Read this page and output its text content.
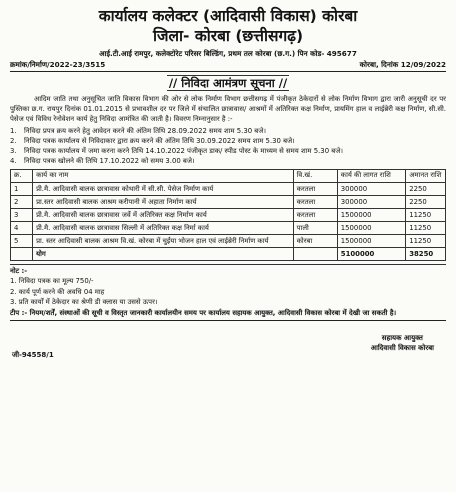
कार्यालय कलेक्टर (आदिवासी विकास) कोरबा
जिला- कोरबा (छत्तीसगढ़)
आई.टी.आई रामपुर, कलेक्टोरेट परिसर बिल्डिंग, प्रथम तल कोरबा (छ.ग.) पिन कोड- 495677
क्रमांक/निर्माण/2022-23/3515	कोरबा, दिनांक 12/09/2022
// निविदा आमंत्रण सूचना //

आदिम जाति तथा अनुसूचित जाति विकास विभाग की ओर से लोक निर्माण विभाग छत्तीसगढ़ में पंजीकृत ठेकेदारों से लोक निर्माण विभाग द्वारा जारी अनुसूची दर पर पुस्तिका छ.ग. रायपुर दिनांक 01.01.2015 से प्रभावशील दर पर जिले में संचालित छात्रावास/ आश्रमों में अतिरिक्त कक्ष निर्माण, प्रायमिंग हाल व लाईब्रेरी कक्ष निर्माण, सी.सी. पेसेज एवं विविध रेनोवेशन कार्य हेतु निविदा आमंत्रित की जाती है। विवरण निम्नानुसार है :-

1.	निविदा प्रपत्र क्रय करने हेतु आवेदन करने की अंतिम तिथि 28.09.2022 समय शाम 5.30 बजे।
2.	निविदा पत्रक कार्यालय से निविदाकार द्वारा क्रय करने की अंतिम तिथि 30.09.2022 समय शाम 5.30 बजे।
3.	निविदा पत्रक कार्यालय में जमा करना करने तिथि 14.10.2022 पंजीकृत डाक/ स्पीड पोस्ट के माध्यम से समय शाम 5.30 बजे।
4.	निविदा पत्रक खोलने की तिथि 17.10.2022 को समय 3.00 बजे।
क्र.	कार्य का नाम	वि.खं.	कार्य की लागत राशि	अमानत राशि
1	प्री.मै. आदिवासी बालक छात्रावास कोथारी में सी.सी. पेसेज निर्माण कार्य	करतला	300000	2250
2	प्रा.स्तर आदिवासी बालक आश्रम करीपानी में अहाता निर्माण कार्य	करतला	300000	2250
3	प्री.मै. आदिवासी बालक छात्रावास जर्वे में अतिरिक्त कक्ष निर्माण कार्य	करतला	1500000	11250
4	प्री.मै. आदिवासी बालक छात्रावास सिल्ली में अतिरिक्त कक्ष निर्मा कार्य	पाली	1500000	11250
5	प्रा. स्तर आदिवासी बालक आश्रम वि.खं. कोरबा में चुईंया भोजन हाल एवं लाईब्रेरी निर्माण कार्य	कोरबा	1500000	11250
	योग		5100000	38250
नोट :-
1. निविदा पत्रक का मूल्य 750/-
2. कार्य पूर्ण करने की अवधि 04 माह
3. प्रति कार्यों में ठेकेदार का श्रेणी डी क्लास या उससे ऊपर।
टीप :- नियम/शर्तें, संस्थाओं की सूची व विस्तृत जानकारी कार्यालयीन समय पर कार्यालय सहायक आयुक्त, आदिवासी विकास कोरबा में देखी जा सकती है।
सहायक आयुक्त
आदिवासी विकास कोरबा
जी-94558/1
